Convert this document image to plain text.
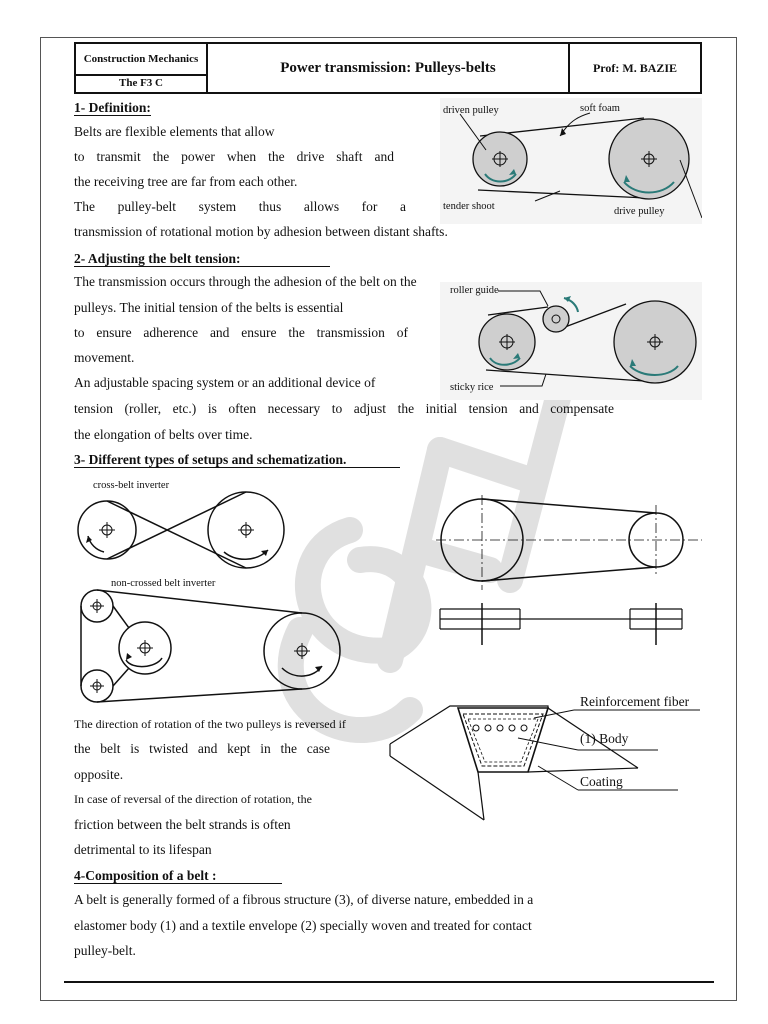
Construction Mechanics
The F3 C
Power transmission: Pulleys-belts	Prof: M. BAZIE
1- Definition:
Belts are flexible elements that allow
to transmit the power when the drive shaft and
the receiving tree are far from each other.
The pulley-belt system thus allows for a
transmission of rotational motion by adhesion between distant shafts.
driven pulley	soft foam
tender shoot	drive pulley
2- Adjusting the belt tension:
The transmission occurs through the adhesion of the belt on the
pulleys. The initial tension of the belts is essential
to ensure adherence and ensure the transmission of
movement.
An adjustable spacing system or an additional device of
tension (roller, etc.) is often necessary to adjust the initial tension and compensate
the elongation of belts over time.
roller guide
sticky rice
3- Different types of setups and schematization.
cross-belt inverter
non-crossed belt inverter
The direction of rotation of the two pulleys is reversed if
the belt is twisted and kept in the case
opposite.
In case of reversal of the direction of rotation, the
friction between the belt strands is often
detrimental to its lifespan
Reinforcement fiber
(1) Body
Coating
4-Composition of a belt :
A belt is generally formed of a fibrous structure (3), of diverse nature, embedded in a
elastomer body (1) and a textile envelope (2) specially woven and treated for contact
pulley-belt.
